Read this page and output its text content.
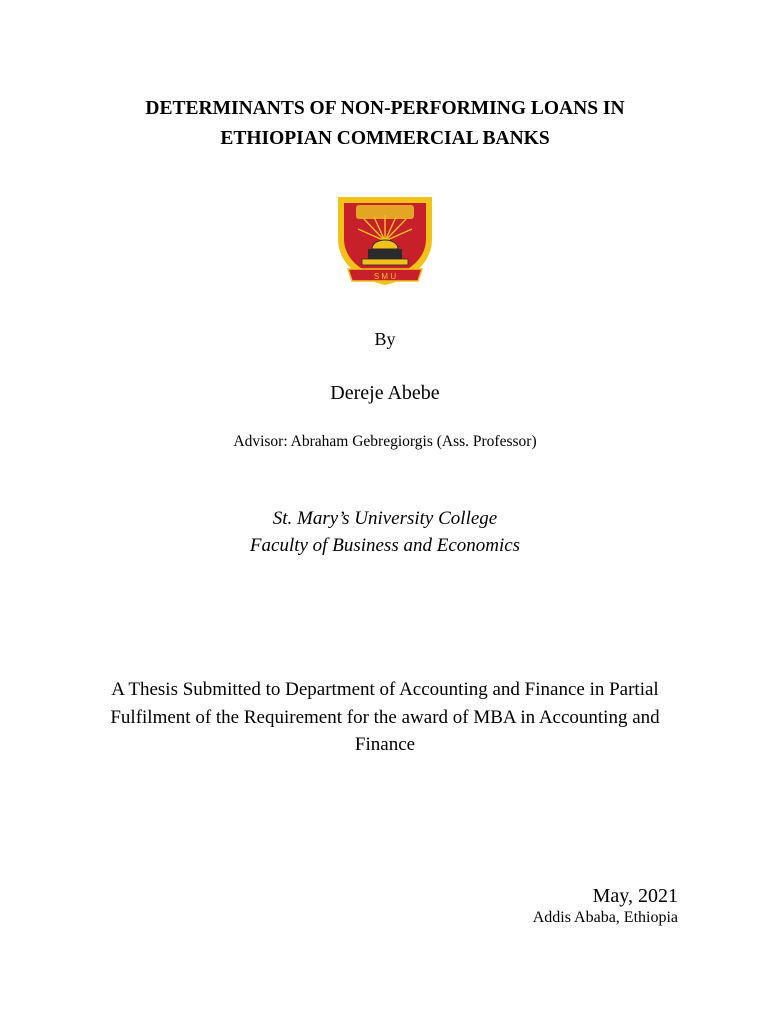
DETERMINANTS OF NON-PERFORMING LOANS IN
ETHIOPIAN COMMERCIAL BANKS
S M U
By
Dereje Abebe
Advisor: Abraham Gebregiorgis (Ass. Professor)
St. Mary’s University College
Faculty of Business and Economics
A Thesis Submitted to Department of Accounting and Finance in Partial
Fulfilment of the Requirement for the award of MBA in Accounting and
Finance
May, 2021
Addis Ababa, Ethiopia
